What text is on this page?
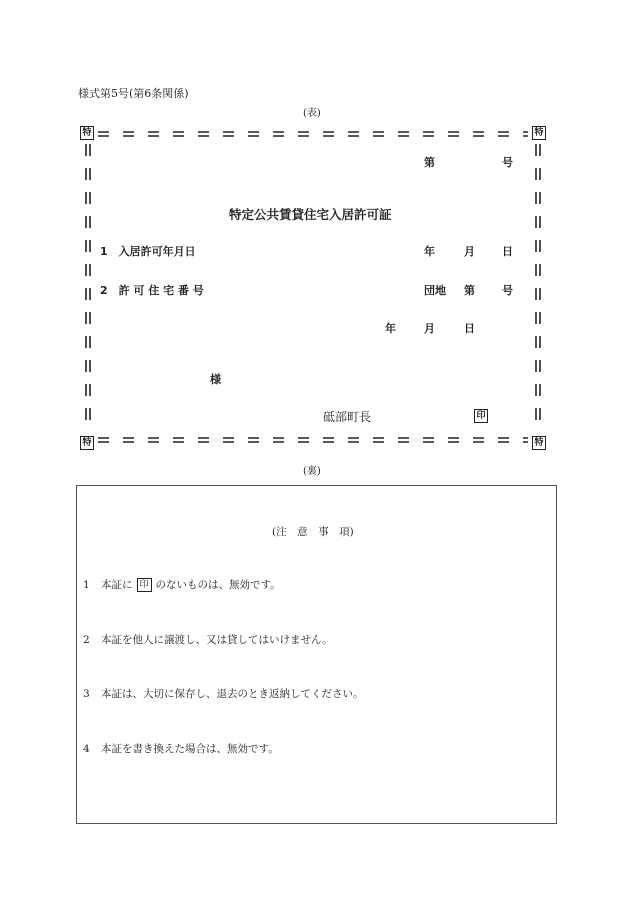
様式第5号(第6条関係)
(表)
特	特
特	特
第	号
特定公共賃貸住宅入居許可証
1　入居許可年月日	年	月 日
2　許 可 住 宅 番 号	団地 第 号
年	月	日
様
砥部町長	印
(裏)
(注　意　事　項)
1 本証に 印 のないものは、無効です。
2 本証を他人に譲渡し、又は貸してはいけません。
3 本証は、大切に保存し、退去のとき返納してください。
4 本証を書き換えた場合は、無効です。
